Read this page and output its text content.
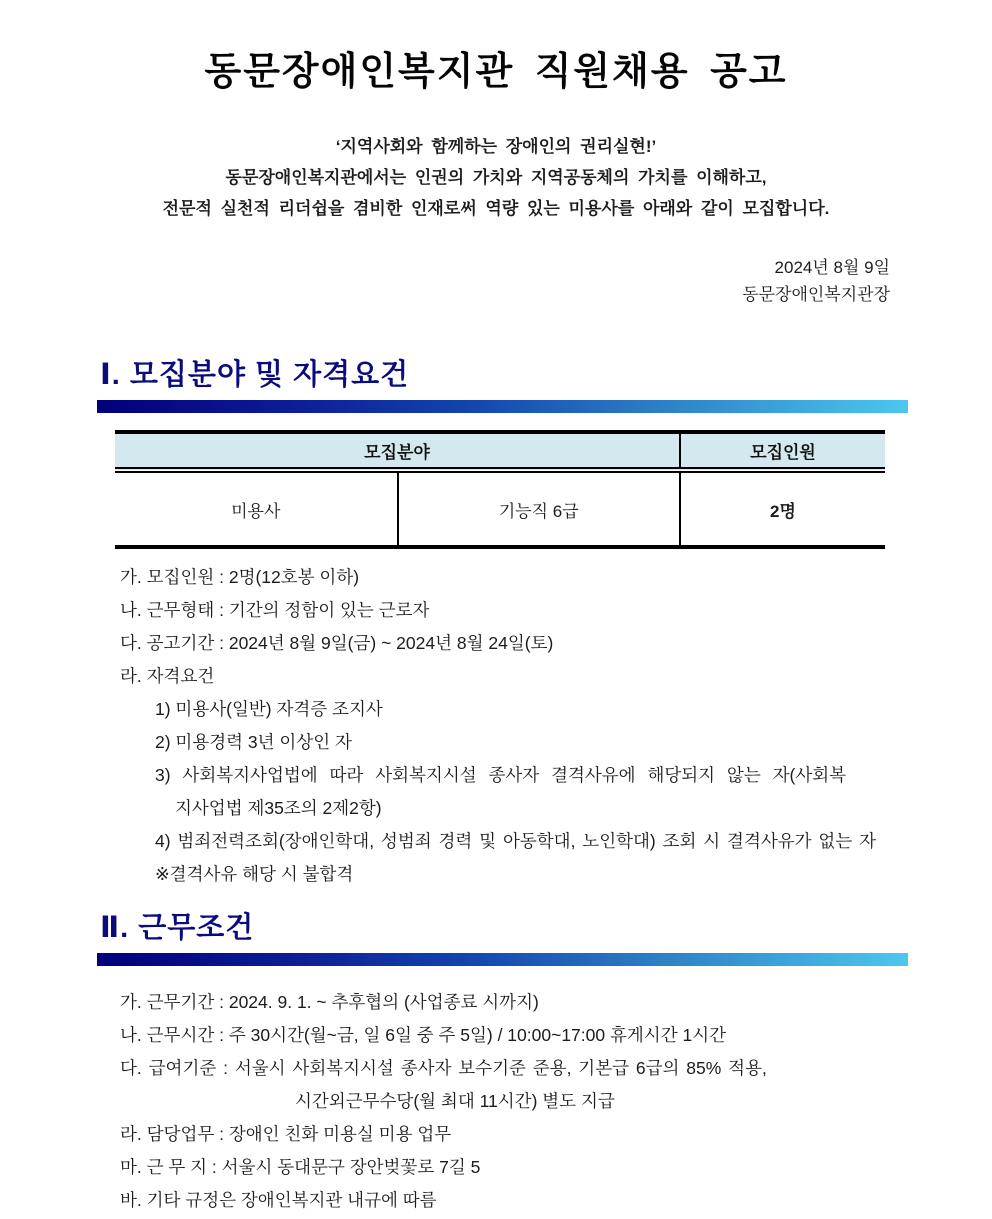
동문장애인복지관 직원채용 공고
‘지역사회와 함께하는 장애인의 권리실현!’
동문장애인복지관에서는 인권의 가치와 지역공동체의 가치를 이해하고,
전문적 실천적 리더쉽을 겸비한 인재로써 역량 있는 미용사를 아래와 같이 모집합니다.
2024년 8월 9일
동문장애인복지관장
Ⅰ. 모집분야 및 자격요건
모집분야		모집인원
미용사	기능직 6급	2명
가. 모집인원 : 2명(12호봉 이하)
나. 근무형태 : 기간의 정함이 있는 근로자
다. 공고기간 : 2024년 8월 9일(금) ~ 2024년 8월 24일(토)
라. 자격요건
1) 미용사(일반) 자격증 조지사
2) 미용경력 3년 이상인 자
3) 사회복지사업법에 따라 사회복지시설 종사자 결격사유에 해당되지 않는 자(사회복
지사업법 제35조의 2제2항)
4) 범죄전력조회(장애인학대, 성범죄 경력 및 아동학대, 노인학대) 조회 시 결격사유가 없는 자
※결격사유 해당 시 불합격
Ⅱ. 근무조건
가. 근무기간 : 2024. 9. 1. ~ 추후협의 (사업종료 시까지)
나. 근무시간 : 주 30시간(월~금, 일 6일 중 주 5일) / 10:00~17:00 휴게시간 1시간
다. 급여기준 : 서울시 사회복지시설 종사자 보수기준 준용, 기본급 6급의 85% 적용,
시간외근무수당(월 최대 11시간) 별도 지급
라. 담당업무 : 장애인 친화 미용실 미용 업무
마. 근 무 지 : 서울시 동대문구 장안벚꽃로 7길 5
바. 기타 규정은 장애인복지관 내규에 따름
